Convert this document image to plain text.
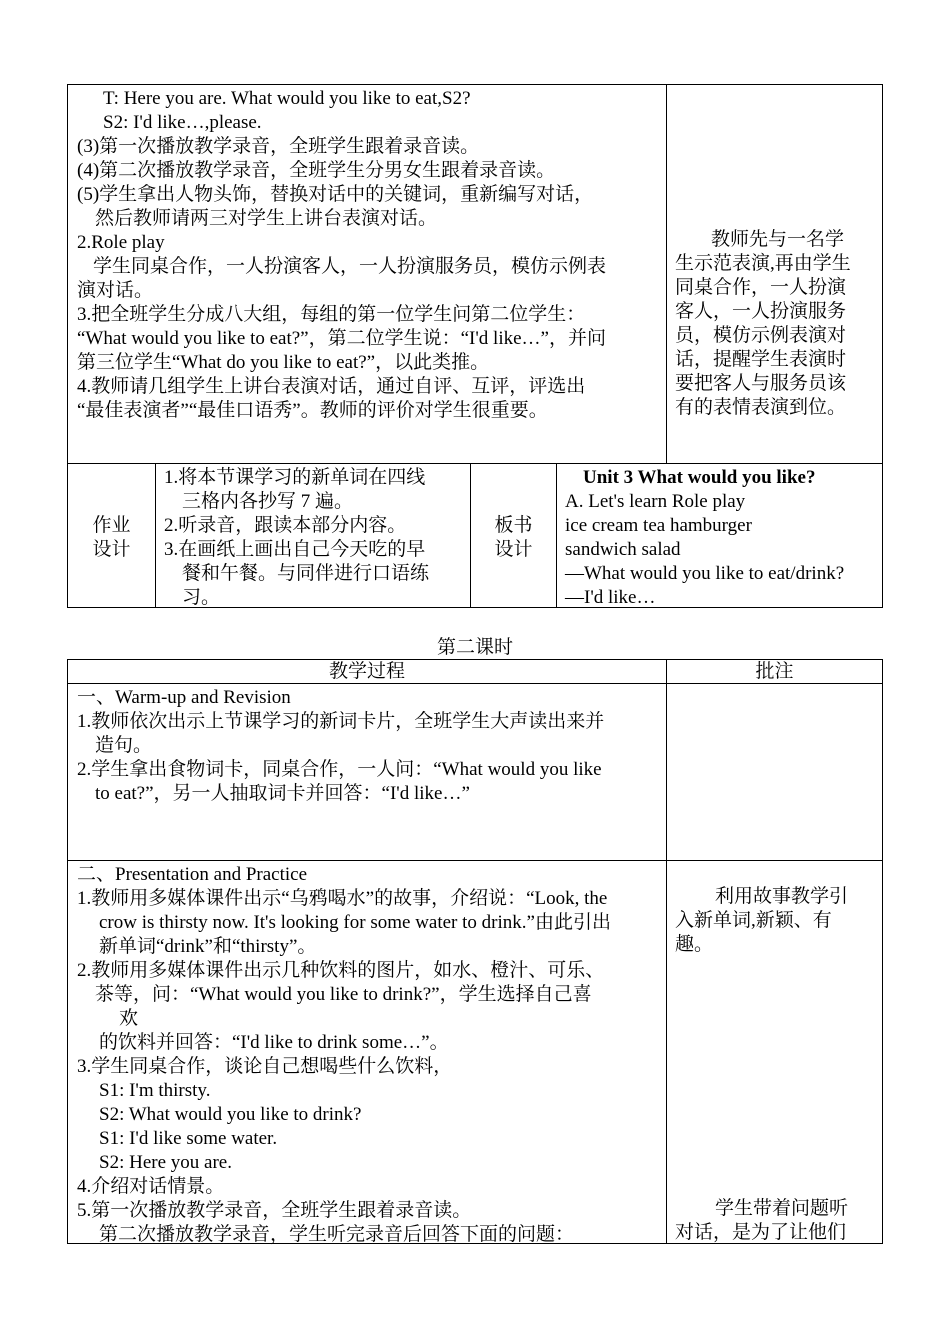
T: Here you are. What would you like to eat,S2?

S2: I'd like…,please.

(3)第一次播放教学录音，全班学生跟着录音读。

(4)第二次播放教学录音，全班学生分男女生跟着录音读。

(5)学生拿出人物头饰，替换对话中的关键词，重新编写对话，

然后教师请两三对学生上讲台表演对话。

2.Role play

学生同桌合作，一人扮演客人，一人扮演服务员，模仿示例表

演对话。

3.把全班学生分成八大组，每组的第一位学生问第二位学生：

“What would you like to eat?”，第二位学生说：“I'd like…”，并问

第三位学生“What do you like to eat?”，以此类推。

4.教师请几组学生上讲台表演对话，通过自评、互评，评选出

“最佳表演者”“最佳口语秀”。教师的评价对学生很重要。

教师先与一名学

生示范表演,再由学生

同桌合作，一人扮演

客人，一人扮演服务

员，模仿示例表演对

话，提醒学生表演时

要把客人与服务员该

有的表情表演到位。

作业

设计

1.将本节课学习的新单词在四线

三格内各抄写 7 遍。

2.听录音，跟读本部分内容。

3.在画纸上画出自己今天吃的早

餐和午餐。与同伴进行口语练

习。

板书

设计

Unit 3 What would you like?

A. Let's learn Role play

ice cream tea hamburger

sandwich salad

—What would you like to eat/drink?

—I'd like…

第二课时
教学过程	批注

一、Warm-up and Revision

1.教师依次出示上节课学习的新词卡片，全班学生大声读出来并

造句。

2.学生拿出食物词卡，同桌合作，一人问：“What would you like

to eat?”，另一人抽取词卡并回答：“I'd like…”

二、Presentation and Practice

1.教师用多媒体课件出示“乌鸦喝水”的故事，介绍说：“Look, the

crow is thirsty now. It's looking for some water to drink.”由此引出

新单词“drink”和“thirsty”。

2.教师用多媒体课件出示几种饮料的图片，如水、橙汁、可乐、

茶等，问：“What would you like to drink?”，学生选择自己喜

欢

的饮料并回答：“I'd like to drink some…”。

3.学生同桌合作，谈论自己想喝些什么饮料，

S1: I'm thirsty.

S2: What would you like to drink?

S1: I'd like some water.

S2: Here you are.

4.介绍对话情景。

5.第一次播放教学录音，全班学生跟着录音读。

第二次播放教学录音，学生听完录音后回答下面的问题：

利用故事教学引

入新单词,新颖、有

趣。

学生带着问题听

对话，是为了让他们
